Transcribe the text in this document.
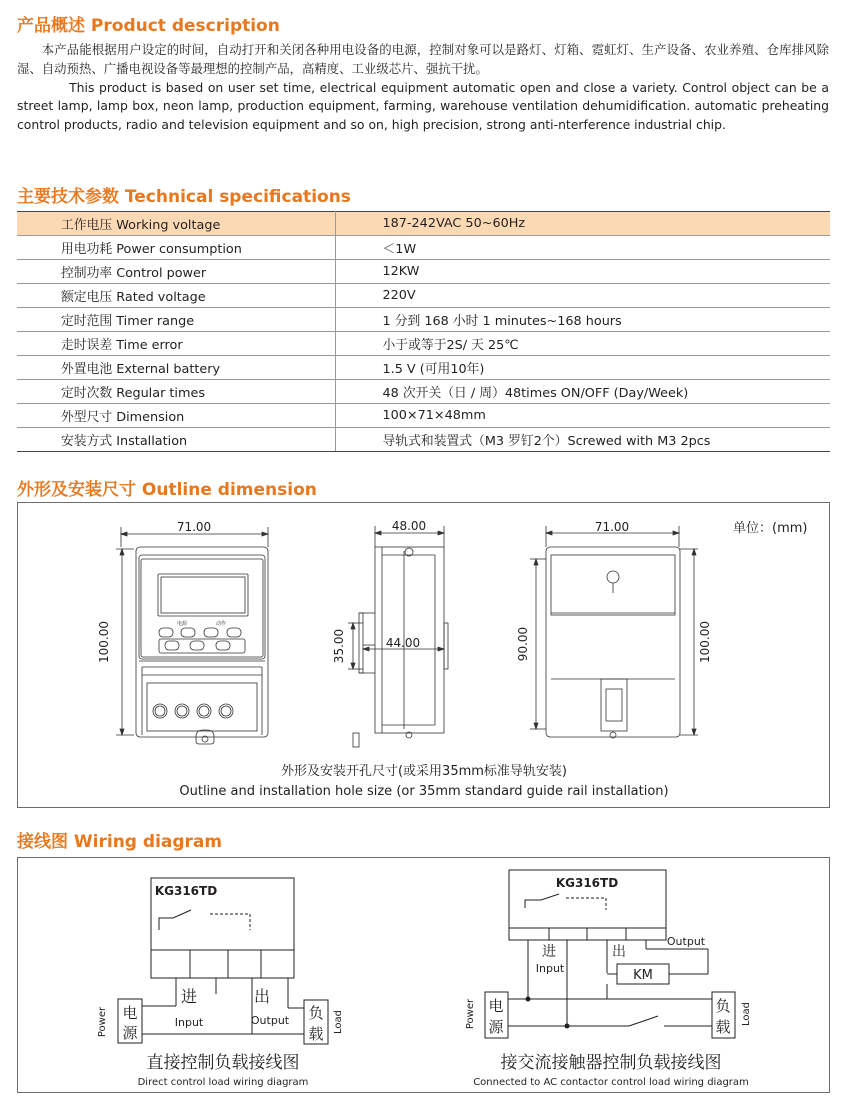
产品概述 Product description

本产品能根据用户设定的时间，自动打开和关闭各种用电设备的电源，控制对象可以是路灯、灯箱、霓虹灯、生产设备、农业养殖、仓库排风除湿、自动预热、广播电视设备等最理想的控制产品，高精度、工业级芯片、强抗干扰。

This product is based on user set time, electrical equipment automatic open and close a variety. Control object can be a street lamp, lamp box, neon lamp, production equipment, farming, warehouse ventilation dehumidification. automatic preheating control products, radio and television equipment and so on, high precision, strong anti-nterference industrial chip.

主要技术参数 Technical specifications
工作电压 Working voltage	187-242VAC 50~60Hz
用电功耗 Power consumption	＜1W
控制功率 Control power	12KW
额定电压 Rated voltage	220V
定时范围 Timer range	1 分到 168 小时 1 minutes~168 hours
走时误差 Time error	小于或等于2S/ 天 25℃
外置电池 External battery	1.5 V (可用10年)
定时次数 Regular times	48 次开关（日 / 周）48times ON/OFF (Day/Week)
外型尺寸 Dimension	100×71×48mm
安装方式 Installation	导轨式和装置式（M3 罗钉2个）Screwed with M3 2pcs
外形及安装尺寸 Outline dimension
71.00
100.00
48.00
35.00	44.00
71.00
90.00	100.00
单位：(mm)
电源	动作
外形及安装开孔尺寸(或采用35mm标准导轨安装)
Outline and installation hole size (or 35mm standard guide rail installation)
接线图 Wiring diagram
KG316TD
进
Input
出
Output
电
源
Power	负
载 Load
直接控制负载接线图
Direct control load wiring diagram
KG316TD
进
Input
出
Output
KM
电
源
Power	负
载
Load
接交流接触器控制负载接线图
Connected to AC contactor control load wiring diagram
